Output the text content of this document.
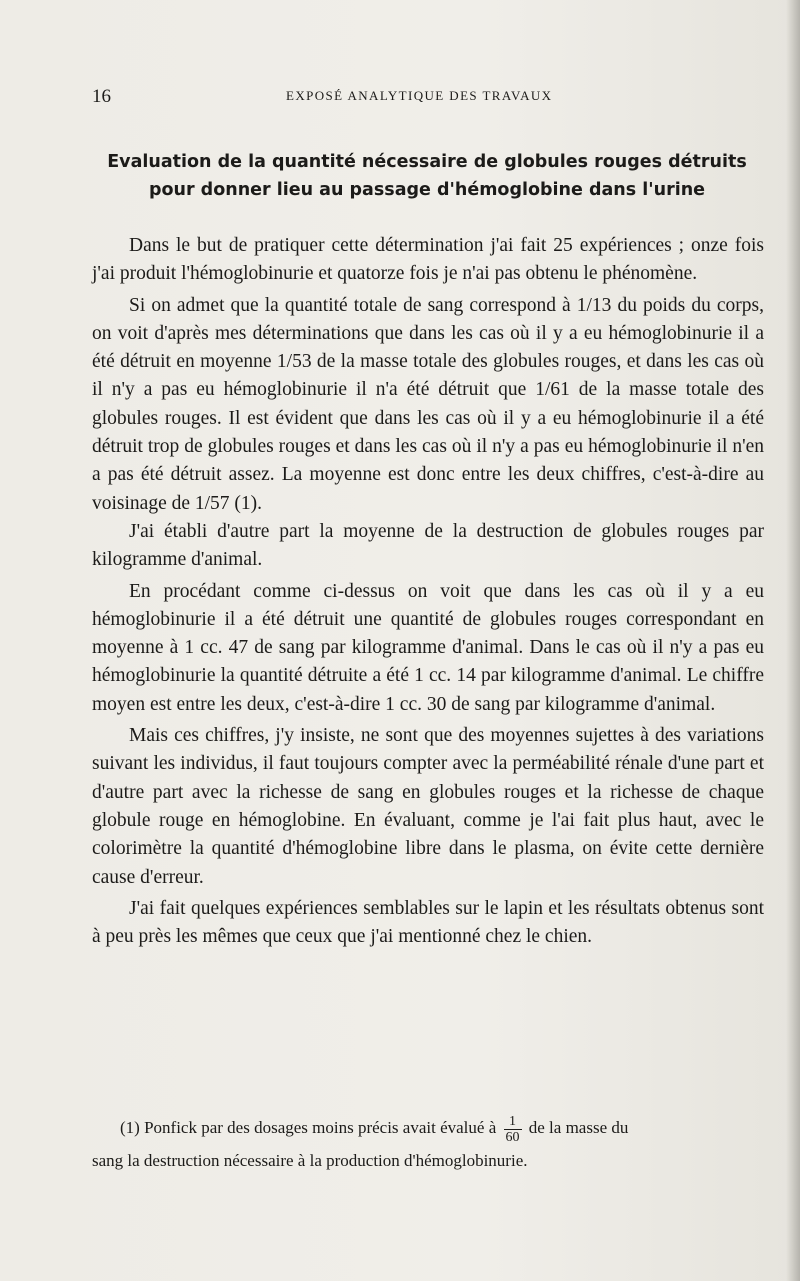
16	EXPOSÉ ANALYTIQUE DES TRAVAUX
Evaluation de la quantité nécessaire de globules rouges détruits pour donner lieu au passage d'hémoglobine dans l'urine

Dans le but de pratiquer cette détermination j'ai fait 25 expériences ; onze fois j'ai produit l'hémoglobinurie et quatorze fois je n'ai pas obtenu le phénomène.

Si on admet que la quantité totale de sang correspond à 1/13 du poids du corps, on voit d'après mes déterminations que dans les cas où il y a eu hémoglobinurie il a été détruit en moyenne 1/53 de la masse totale des globules rouges, et dans les cas où il n'y a pas eu hémoglobinurie il n'a été détruit que 1/61 de la masse totale des globules rouges. Il est évident que dans les cas où il y a eu hémoglobinurie il a été détruit trop de globules rouges et dans les cas où il n'y a pas eu hémoglobinurie il n'en a pas été détruit assez. La moyenne est donc entre les deux chiffres, c'est-à-dire au voisinage de 1/57 (1).

J'ai établi d'autre part la moyenne de la destruction de globules rouges par kilogramme d'animal.

En procédant comme ci-dessus on voit que dans les cas où il y a eu hémoglobinurie il a été détruit une quantité de globules rouges correspondant en moyenne à 1 cc. 47 de sang par kilogramme d'animal. Dans le cas où il n'y a pas eu hémoglobinurie la quantité détruite a été 1 cc. 14 par kilogramme d'animal. Le chiffre moyen est entre les deux, c'est-à-dire 1 cc. 30 de sang par kilogramme d'animal.

Mais ces chiffres, j'y insiste, ne sont que des moyennes sujettes à des variations suivant les individus, il faut toujours compter avec la perméabilité rénale d'une part et d'autre part avec la richesse de sang en globules rouges et la richesse de chaque globule rouge en hémoglobine. En évaluant, comme je l'ai fait plus haut, avec le colorimètre la quantité d'hémoglobine libre dans le plasma, on évite cette dernière cause d'erreur.

J'ai fait quelques expériences semblables sur le lapin et les résultats obtenus sont à peu près les mêmes que ceux que j'ai mentionné chez le chien.

(1) Ponfick par des dosages moins précis avait évalué à $\frac{1}{60}$ de la masse du
sang la destruction nécessaire à la production d'hémoglobinurie.
